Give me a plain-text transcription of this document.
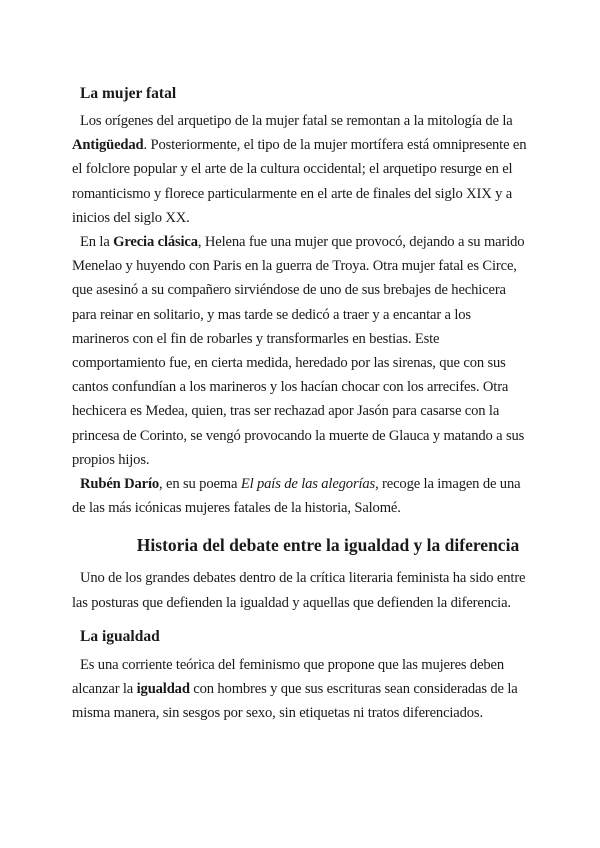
La mujer fatal

Los orígenes del arquetipo de la mujer fatal se remontan a la mitología de la Antigüedad. Posteriormente, el tipo de la mujer mortífera está omnipresente en el folclore popular y el arte de la cultura occidental; el arquetipo resurge en el romanticismo y florece particularmente en el arte de finales del siglo XIX y a inicios del siglo XX.

En la Grecia clásica, Helena fue una mujer que provocó, dejando a su marido Menelao y huyendo con Paris en la guerra de Troya. Otra mujer fatal es Circe, que asesinó a su compañero sirviéndose de uno de sus brebajes de hechicera para reinar en solitario, y mas tarde se dedicó a traer y a encantar a los marineros con el fin de robarles y transformarles en bestias. Este comportamiento fue, en cierta medida, heredado por las sirenas, que con sus cantos confundían a los marineros y los hacían chocar con los arrecifes. Otra hechicera es Medea, quien, tras ser rechazad apor Jasón para casarse con la princesa de Corinto, se vengó provocando la muerte de Glauca y matando a sus propios hijos.

Rubén Darío, en su poema El país de las alegorías, recoge la imagen de una de las más icónicas mujeres fatales de la historia, Salomé.

Historia del debate entre la igualdad y la diferencia

Uno de los grandes debates dentro de la crítica literaria feminista ha sido entre las posturas que defienden la igualdad y aquellas que defienden la diferencia.

La igualdad

Es una corriente teórica del feminismo que propone que las mujeres deben alcanzar la igualdad con hombres y que sus escrituras sean consideradas de la misma manera, sin sesgos por sexo, sin etiquetas ni tratos diferenciados.
